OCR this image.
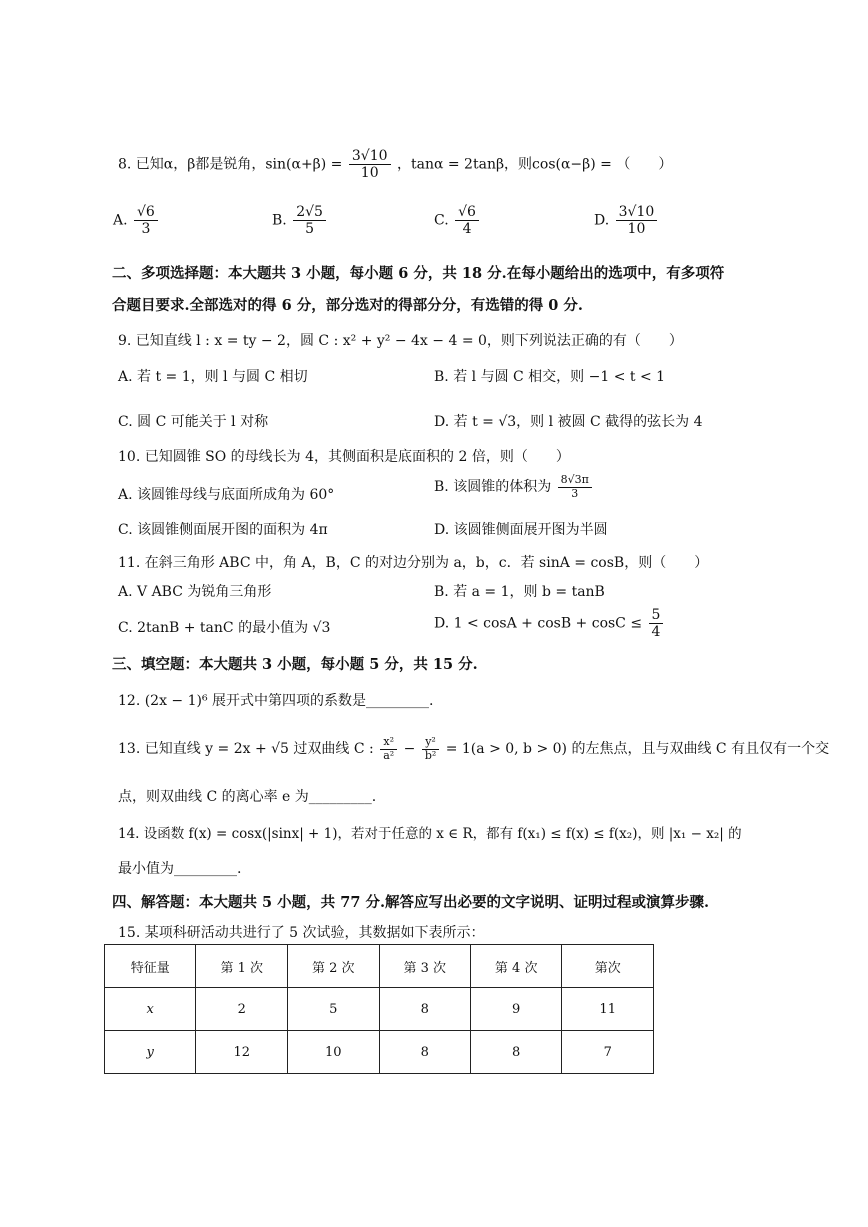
8. 已知α，β都是锐角，$\sin(\alpha+\beta) = \frac{3√10}{10}$ ，tanα = 2tanβ，则cos(α−β) = （　　）
A. $\frac{√6}{3}$	B. $\frac{2√5}{5}$	C. $\frac{√6}{4}$	D. $\frac{3√10}{10}$
二、多项选择题：本大题共 3 小题，每小题 6 分，共 18 分.在每小题给出的选项中，有多项符
合题目要求.全部选对的得 6 分，部分选对的得部分分，有选错的得 0 分.
9. 已知直线 l : x = ty − 2，圆 C : x² + y² − 4x − 4 = 0，则下列说法正确的有（　　）
A. 若 t = 1，则 l 与圆 C 相切	B. 若 l 与圆 C 相交，则 −1 < t < 1
C. 圆 C 可能关于 l 对称	D. 若 t = √3，则 l 被圆 C 截得的弦长为 4
10. 已知圆锥 SO 的母线长为 4，其侧面积是底面积的 2 倍，则（　　）
A. 该圆锥母线与底面所成角为 60°	B. 该圆锥的体积为 $\frac{8√3\pi}{3}$
C. 该圆锥侧面展开图的面积为 4π	D. 该圆锥侧面展开图为半圆
11. 在斜三角形 ABC 中，角 A，B，C 的对边分别为 a，b，c．若 sinA = cosB，则（　　）
A. V ABC 为锐角三角形	B. 若 a = 1，则 b = tanB
C. 2tanB + tanC 的最小值为 √3	D. $1 < \cos A + \cos B + \cos C \le \frac{5}{4}$
三、填空题：本大题共 3 小题，每小题 5 分，共 15 分.
12. (2x − 1)⁶ 展开式中第四项的系数是_________.
13. 已知直线 y = 2x + √5 过双曲线 C : $\frac{\text{x²}}{\text{a²}} - \frac{\text{y²}}{\text{b²}} = 1(a > 0$, b > 0) 的左焦点，且与双曲线 C 有且仅有一个交
点，则双曲线 C 的离心率 e 为_________.
14. 设函数 f(x) = cosx(|sinx| + 1)，若对于任意的 x ∈ R，都有 f(x₁) ≤ f(x) ≤ f(x₂)，则 |x₁ − x₂| 的
最小值为_________.
四、解答题：本大题共 5 小题，共 77 分.解答应写出必要的文字说明、证明过程或演算步骤.
15. 某项科研活动共进行了 5 次试验，其数据如下表所示：
特征量	第 1 次	第 2 次	第 3 次	第 4 次	第次
x	2	5	8	9	11
y	12	10	8	8	7
